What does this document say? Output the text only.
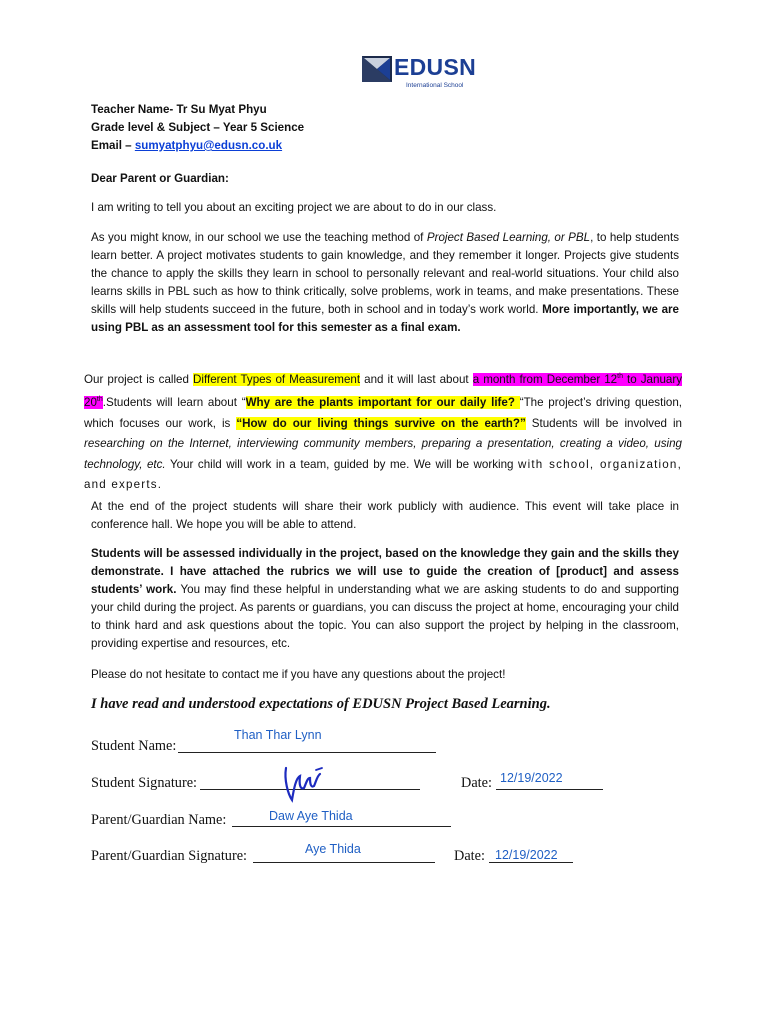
EDUSN
International School
Teacher Name- Tr Su Myat Phyu
Grade level & Subject – Year 5 Science
Email – sumyatphyu@edusn.co.uk

Dear Parent or Guardian:

I am writing to tell you about an exciting project we are about to do in our class.

As you might know, in our school we use the teaching method of Project Based Learning, or PBL, to help students learn better. A project motivates students to gain knowledge, and they remember it longer. Projects give students the chance to apply the skills they learn in school to personally relevant and real-world situations. Your child also learns skills in PBL such as how to think critically, solve problems, work in teams, and make presentations. These skills will help students succeed in the future, both in school and in today’s work world. More importantly, we are using PBL as an assessment tool for this semester as a final exam.

Our project is called Different Types of Measurement and it will last about a month from December 12th to January 20th.Students will learn about “Why are the plants important for our daily life? “The project’s driving question, which focuses our work, is “How do our living things survive on the earth?” Students will be involved in researching on the Internet, interviewing community members, preparing a presentation, creating a video, using technology, etc. Your child will work in a team, guided by me. We will be working with school, organization, and experts.

At the end of the project students will share their work publicly with audience. This event will take place in conference hall. We hope you will be able to attend.

Students will be assessed individually in the project, based on the knowledge they gain and the skills they demonstrate. I have attached the rubrics we will use to guide the creation of [product] and assess students’ work. You may find these helpful in understanding what we are asking students to do and supporting your child during the project. As parents or guardians, you can discuss the project at home, encouraging your child to think hard and ask questions about the topic. You can also support the project by helping in the classroom, providing expertise and resources, etc.

Please do not hesitate to contact me if you have any questions about the project!

I have read and understood expectations of EDUSN Project Based Learning.
Student Name:
Than Thar Lynn
Student Signature:	Date: 12/19/2022
Parent/Guardian Name:	Daw Aye Thida
Parent/Guardian Signature:	Aye Thida	Date: 12/19/2022
